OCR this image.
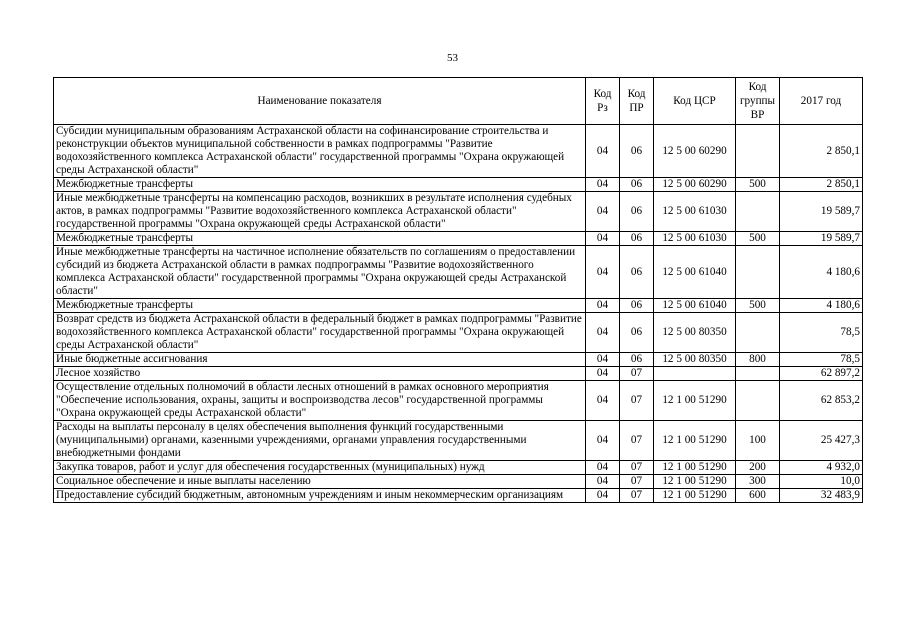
53
Наименование показателя	Код Рз	Код ПР	Код ЦСР	Код группы ВР	2017 год
Субсидии муниципальным образованиям Астраханской области на софинансирование строительства и реконструкции объектов муниципальной собственности в рамках подпрограммы "Развитие водохозяйственного комплекса Астраханской области" государственной программы "Охрана окружающей среды Астраханской области"	04	06	12 5 00 60290		2 850,1
Межбюджетные трансферты	04	06	12 5 00 60290	500	2 850,1
Иные межбюджетные трансферты на компенсацию расходов, возникших в результате исполнения судебных актов, в рамках подпрограммы "Развитие водохозяйственного комплекса Астраханской области" государственной программы "Охрана окружающей среды Астраханской области"	04	06	12 5 00 61030		19 589,7
Межбюджетные трансферты	04	06	12 5 00 61030	500	19 589,7
Иные межбюджетные трансферты на частичное исполнение обязательств по соглашениям о предоставлении субсидий из бюджета Астраханской области в рамках подпрограммы "Развитие водохозяйственного комплекса Астраханской области" государственной программы "Охрана окружающей среды Астраханской области"	04	06	12 5 00 61040		4 180,6
Межбюджетные трансферты	04	06	12 5 00 61040	500	4 180,6
Возврат средств из бюджета Астраханской области в федеральный бюджет в рамках подпрограммы "Развитие водохозяйственного комплекса Астраханской области" государственной программы "Охрана окружающей среды Астраханской области"	04	06	12 5 00 80350		78,5
Иные бюджетные ассигнования	04	06	12 5 00 80350	800	78,5
Лесное хозяйство	04	07			62 897,2
Осуществление отдельных полномочий в области лесных отношений в рамках основного мероприятия "Обеспечение использования, охраны, защиты и воспроизводства лесов" государственной программы "Охрана окружающей среды Астраханской области"	04	07	12 1 00 51290		62 853,2
Расходы на выплаты персоналу в целях обеспечения выполнения функций государственными (муниципальными) органами, казенными учреждениями, органами управления государственными внебюджетными фондами	04	07	12 1 00 51290	100	25 427,3
Закупка товаров, работ и услуг для обеспечения государственных (муниципальных) нужд	04	07	12 1 00 51290	200	4 932,0
Социальное обеспечение и иные выплаты населению	04	07	12 1 00 51290	300	10,0
Предоставление субсидий бюджетным, автономным учреждениям и иным некоммерческим организациям	04	07	12 1 00 51290	600	32 483,9
